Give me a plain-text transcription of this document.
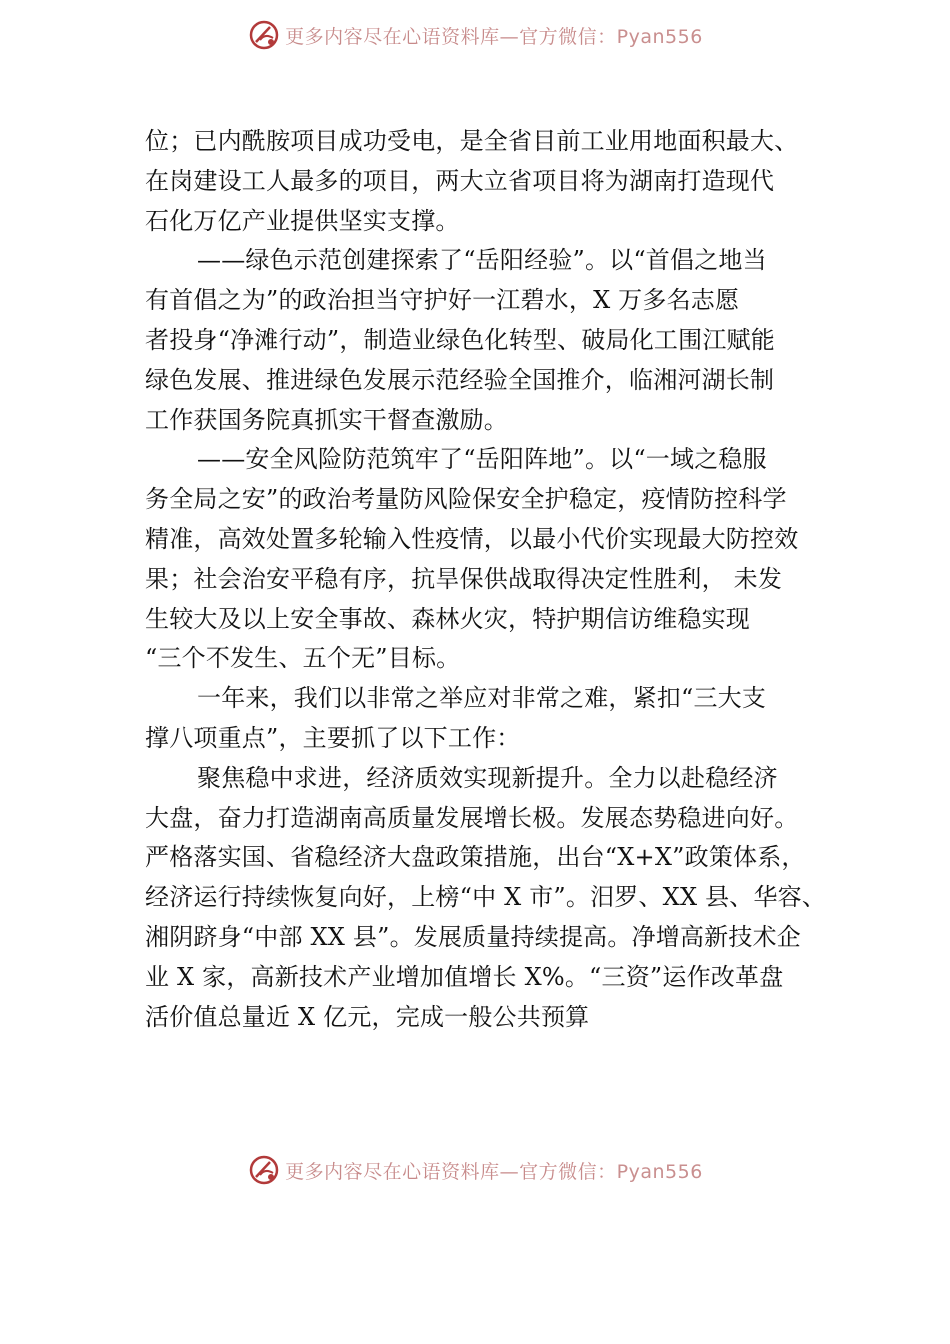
更多内容尽在心语资料库—官方微信：Pyan556
位；已内酰胺项目成功受电，是全省目前工业用地面积最大、
在岗建设工人最多的项目，两大立省项目将为湖南打造现代
石化万亿产业提供坚实支撑。
——绿色示范创建探索了“岳阳经验”。以“首倡之地当
有首倡之为”的政治担当守护好一江碧水，X 万多名志愿
者投身“净滩行动”，制造业绿色化转型、破局化工围江赋能
绿色发展、推进绿色发展示范经验全国推介，临湘河湖长制
工作获国务院真抓实干督查激励。
——安全风险防范筑牢了“岳阳阵地”。以“一域之稳服
务全局之安”的政治考量防风险保安全护稳定，疫情防控科学
精准，高效处置多轮输入性疫情，以最小代价实现最大防控效
果；社会治安平稳有序，抗旱保供战取得决定性胜利， 未发
生较大及以上安全事故、森林火灾，特护期信访维稳实现
“三个不发生、五个无”目标。
一年来，我们以非常之举应对非常之难，紧扣“三大支
撑八项重点”，主要抓了以下工作：
聚焦稳中求进，经济质效实现新提升。全力以赴稳经济
大盘，奋力打造湖南高质量发展增长极。发展态势稳进向好。
严格落实国、省稳经济大盘政策措施，出台“X+X”政策体系，
经济运行持续恢复向好，上榜“中 X 市”。汨罗、XX 县、华容、
湘阴跻身“中部 XX 县”。发展质量持续提高。净增高新技术企
业 X 家，高新技术产业增加值增长 X%。“三资”运作改革盘
活价值总量近 X 亿元，完成一般公共预算
更多内容尽在心语资料库—官方微信：Pyan556
